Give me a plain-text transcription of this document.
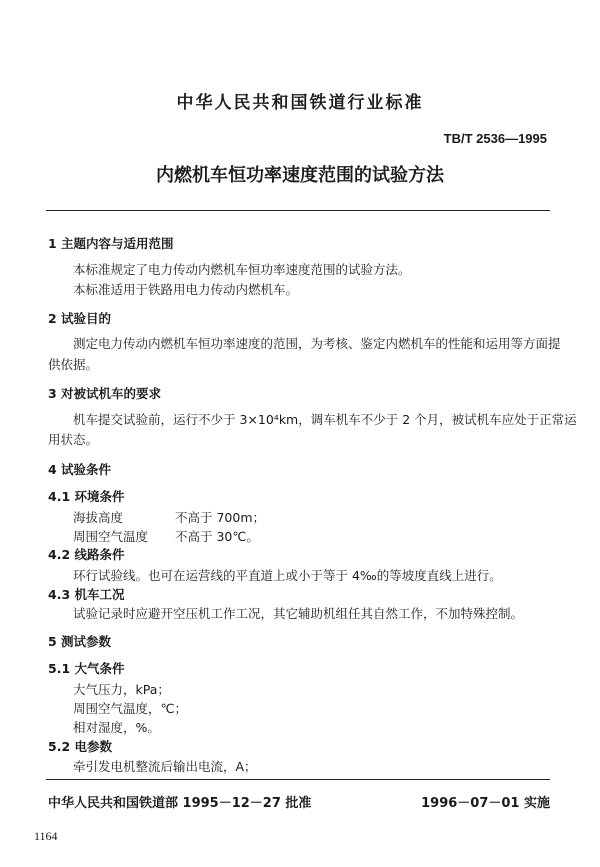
中华人民共和国铁道行业标准
TB/T 2536—1995
内燃机车恒功率速度范围的试验方法
1 主题内容与适用范围
本标准规定了电力传动内燃机车恒功率速度范围的试验方法。
本标准适用于铁路用电力传动内燃机车。
2 试验目的
测定电力传动内燃机车恒功率速度的范围，为考核、鉴定内燃机车的性能和运用等方面提
供依据。
3 对被试机车的要求
机车提交试验前，运行不少于 3×10⁴km，调车机车不少于 2 个月，被试机车应处于正常运
用状态。
4 试验条件
4.1 环境条件
海拔高度	不高于 700m；
周围空气温度 不高于 30℃。
4.2 线路条件
环行试验线。也可在运营线的平直道上或小于等于 4‰的等坡度直线上进行。
4.3 机车工况
试验记录时应避开空压机工作工况，其它辅助机组任其自然工作，不加特殊控制。
5 测试参数
5.1 大气条件
大气压力，kPa；
周围空气温度，℃；
相对湿度，%。
5.2 电参数
牵引发电机整流后输出电流，A；
中华人民共和国铁道部 1995－12－27 批准	1996－07－01 实施
1164
